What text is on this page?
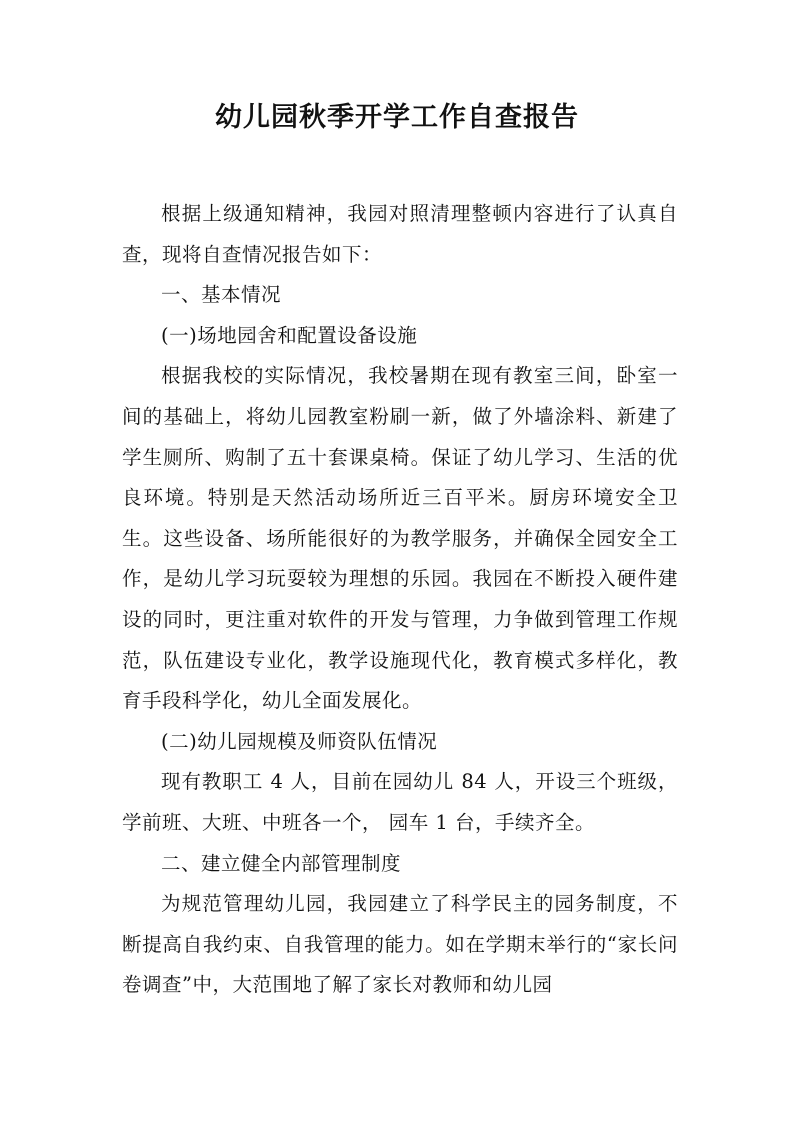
幼儿园秋季开学工作自查报告

根据上级通知精神，我园对照清理整顿内容进行了认真自查，现将自查情况报告如下：

一、基本情况

(一)场地园舍和配置设备设施

根据我校的实际情况，我校暑期在现有教室三间，卧室一间的基础上，将幼儿园教室粉刷一新，做了外墙涂料、新建了学生厕所、购制了五十套课桌椅。保证了幼儿学习、生活的优良环境。特别是天然活动场所近三百平米。厨房环境安全卫生。这些设备、场所能很好的为教学服务，并确保全园安全工作，是幼儿学习玩耍较为理想的乐园。我园在不断投入硬件建设的同时，更注重对软件的开发与管理，力争做到管理工作规范，队伍建设专业化，教学设施现代化，教育模式多样化，教育手段科学化，幼儿全面发展化。

(二)幼儿园规模及师资队伍情况

现有教职工 4 人，目前在园幼儿 84 人，开设三个班级，学前班、大班、中班各一个， 园车 1 台，手续齐全。

二、建立健全内部管理制度

为规范管理幼儿园，我园建立了科学民主的园务制度，不断提高自我约束、自我管理的能力。如在学期末举行的“家长问卷调查”中，大范围地了解了家长对教师和幼儿园
